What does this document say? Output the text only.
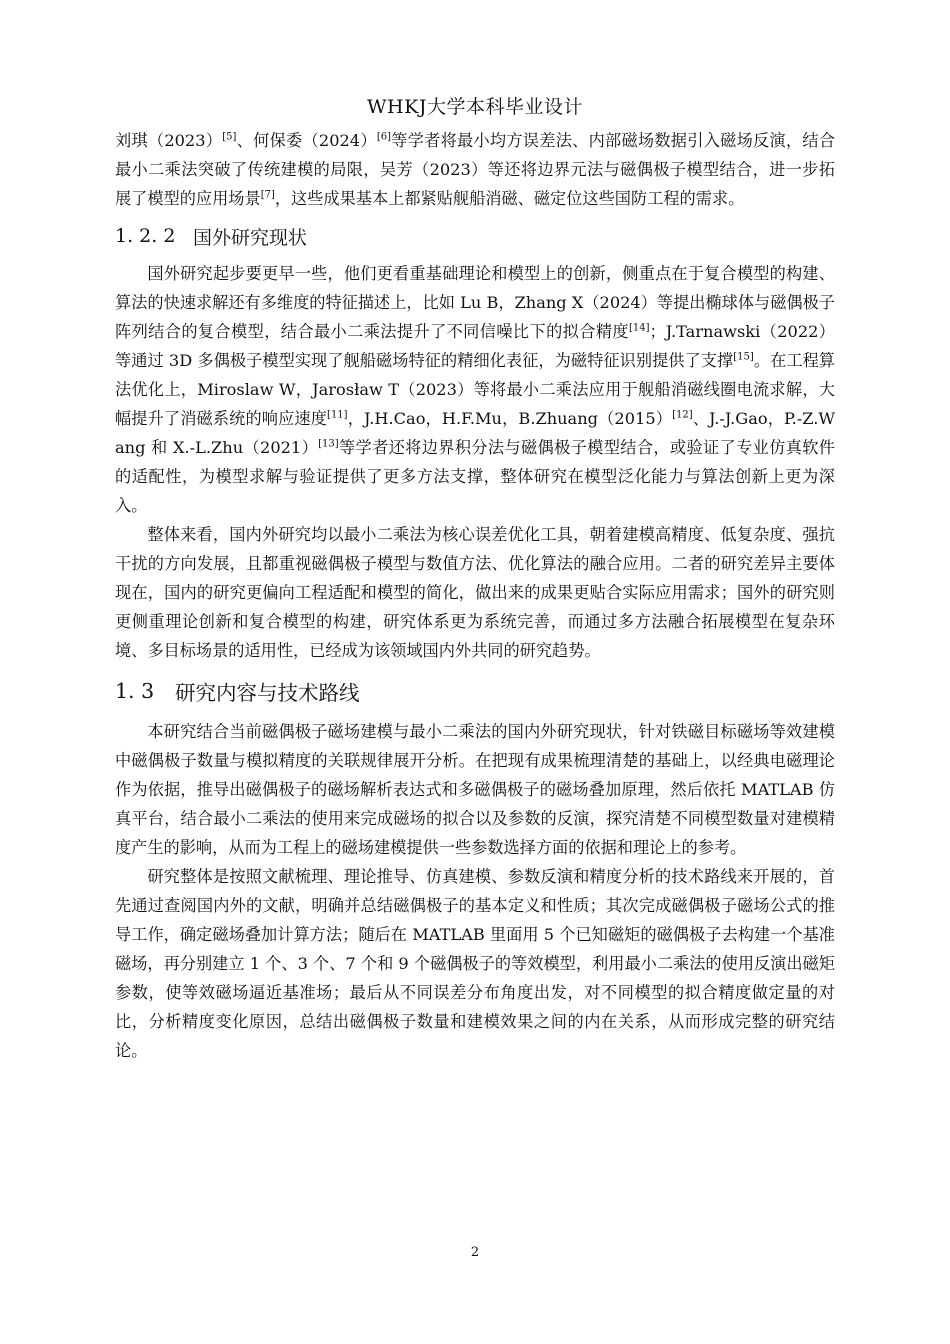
WHKJ大学本科毕业设计

刘琪（2023）[5]、何保委（2024）[6]等学者将最小均方误差法、内部磁场数据引入磁场反演，结合最小二乘法突破了传统建模的局限，吴芳（2023）等还将边界元法与磁偶极子模型结合，进一步拓展了模型的应用场景[7]，这些成果基本上都紧贴舰船消磁、磁定位这些国防工程的需求。

1. 2. 2 国外研究现状

国外研究起步要更早一些，他们更看重基础理论和模型上的创新，侧重点在于复合模型的构建、算法的快速求解还有多维度的特征描述上，比如 Lu B，Zhang X（2024）等提出椭球体与磁偶极子阵列结合的复合模型，结合最小二乘法提升了不同信噪比下的拟合精度[14]；J.Tarnawski（2022）等通过 3D 多偶极子模型实现了舰船磁场特征的精细化表征，为磁特征识别提供了支撑[15]。在工程算法优化上，Miroslaw W，Jarosław T（2023）等将最小二乘法应用于舰船消磁线圈电流求解，大幅提升了消磁系统的响应速度[11]，J.H.Cao，H.F.Mu，B.Zhuang（2015）[12]、J.-J.Gao，P.-Z.Wang 和 X.-L.Zhu（2021）[13]等学者还将边界积分法与磁偶极子模型结合，或验证了专业仿真软件的适配性，为模型求解与验证提供了更多方法支撑，整体研究在模型泛化能力与算法创新上更为深入。

整体来看，国内外研究均以最小二乘法为核心误差优化工具，朝着建模高精度、低复杂度、强抗干扰的方向发展，且都重视磁偶极子模型与数值方法、优化算法的融合应用。二者的研究差异主要体现在，国内的研究更偏向工程适配和模型的简化，做出来的成果更贴合实际应用需求；国外的研究则更侧重理论创新和复合模型的构建，研究体系更为系统完善，而通过多方法融合拓展模型在复杂环境、多目标场景的适用性，已经成为该领域国内外共同的研究趋势。

1. 3	研究内容与技术路线

本研究结合当前磁偶极子磁场建模与最小二乘法的国内外研究现状，针对铁磁目标磁场等效建模中磁偶极子数量与模拟精度的关联规律展开分析。在把现有成果梳理清楚的基础上，以经典电磁理论作为依据，推导出磁偶极子的磁场解析表达式和多磁偶极子的磁场叠加原理，然后依托 MATLAB 仿真平台，结合最小二乘法的使用来完成磁场的拟合以及参数的反演，探究清楚不同模型数量对建模精度产生的影响，从而为工程上的磁场建模提供一些参数选择方面的依据和理论上的参考。

研究整体是按照文献梳理、理论推导、仿真建模、参数反演和精度分析的技术路线来开展的，首先通过查阅国内外的文献，明确并总结磁偶极子的基本定义和性质；其次完成磁偶极子磁场公式的推导工作，确定磁场叠加计算方法；随后在 MATLAB 里面用 5 个已知磁矩的磁偶极子去构建一个基准磁场，再分别建立 1 个、3 个、7 个和 9 个磁偶极子的等效模型，利用最小二乘法的使用反演出磁矩参数，使等效磁场逼近基准场；最后从不同误差分布角度出发，对不同模型的拟合精度做定量的对比，分析精度变化原因，总结出磁偶极子数量和建模效果之间的内在关系，从而形成完整的研究结论。

2
